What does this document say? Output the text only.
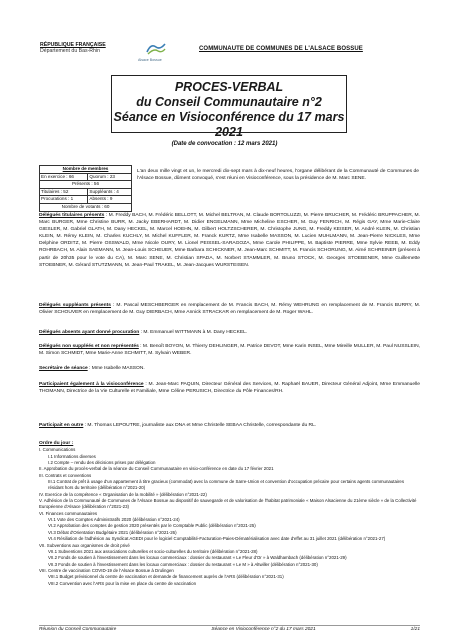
RÉPUBLIQUE FRANÇAISE
Département du Bas-Rhin
Alsace Bossue
COMMUNAUTE DE COMMUNES DE L'ALSACE BOSSUE
PROCES-VERBAL
du Conseil Communautaire n°2
Séance en Visioconférence du 17 mars 2021
(Date de convocation : 12 mars 2021)
Nombre de membres	
En exercice : 66	Quorum : 23
Présents : 56	
Titulaires : 52	Suppléants : 4
Procurations : 1	Absents : 9
Nombre de votants : 60	
L'an deux mille vingt et un, le mercredi dix-sept mars à dix-neuf heures, l'organe délibérant de la Communauté de Communes de l'Alsace Bossue, dûment convoqué, s'est réuni en Visioconférence, sous la présidence de M. Marc SENE.
Délégués titulaires présents : M. Freddy BACH, M. Frédéric BELLOTT, M. Michel BELTRAN, M. Claude BORTOLUZZI, M. Pierre BRUCHER, M. Frédéric BRUPPACHER, M. Marc BURGER, Mme Christine BURR, M. Jacky EBERHARDT, M. Didier ENGELMANN, Mme Micheline ESCHER, M. Guy FENRICH, M. Régis GAY, Mme Marie-Claire GIESLER, M. Gabriel GLATH, M. Dany HECKEL, M. Marcel HOEHN, M. Gilbert HOLTZSCHERER, M. Christophe JUNG, M. Freddy KEISER, M. André KLEIN, M. Christian KLEIN, M. Rémy KLEIN, M. Charles KUCHLY, M. Michel KUFFLER, M. Franck KURTZ, Mme Isabelle MASSON, M. Lucien MUHLMANN, M. Jean-Pierre NICKLES, Mme Delphine ORDITZ, M. Pierre OSSWALD, Mme Nicole OURY, M. Lionel PEISSEL-SARAGOZA, Mme Carole PHILIPPE, M. Baptiste PIERRE, Mme Sylvie REEB, M. Eddy ROHRBACH, M. Alain SAEMANN, M. Jean-Louis SCHEUER, Mme Barbara SCHICKNER, M. Jean-Marc SCHMITT, M. Francis SCHORUNG, M. Aimé SCHREINER (présent à partir de 20h35 pour le vote du CA), M. Marc SENE, M. Christian SPADA, M. Norbert STAMMLER, M. Bruno STOCK, M. Georges STOEBENER, Mme Guillemette STOEBNER, M. Gérard STUTZMANN, M. Jean-Paul TRAKEL, M. Jean-Jacques WURSTEISEN.
Délégués suppléants présents : M. Pascal MESCHBERGER en remplacement de M. Francis BACH, M. Rémy WEHRUNG en remplacement de M. Francis BURRY, M. Olivier SCHOUVER en remplacement de M. Guy DIERBACH, Mme Annick STRACKAR en remplacement de M. Roger WAHL.
Délégués absents ayant donné procuration : M. Emmanuel WITTMANN à M. Dany HECKEL.
Délégués non suppléés et non représentés : M. Benoît BOYON, M. Thierry DEHLINGER, M. Patrice DEVOT, Mme Karin INSEL, Mme Mireille MULLER, M. Paul NUSSLEIN, M. Simon SCHMIDT, Mme Marie-Anne SCHMITT, M. Sylvain WEBER.
Secrétaire de séance : Mme Isabelle MASSON.
Participaient également à la visioconférence : M. Jean-Marc PAQUIN, Directeur Général des Services, M. Raphaël BAUER, Directeur Général Adjoint, Mme Emmanuelle THOMANN, Directrice de la Vie Culturelle et Familiale, Mme Céline PERUSICH, Directrice du Pôle Finances/RH.
Participait en outre : M. Thomas LEPOUTRE, journaliste aux DNA et Mme Christelle SEBAA Christelle, correspondante du RL.
Ordre du jour :
I. Communications
I.1 Informations diverses
I.2 Compte – rendu des décisions prises par délégation
II. Approbation du procès-verbal de la séance du Conseil Communautaire en visio-conférence en date du 17 février 2021
III. Contrats et conventions
III.1 Contrat de prêt à usage d'un appartement à titre gracieux (commodat) avec la commune de Sarre-Union et convention d'occupation précaire pour certains agents communautaires résidant hors du territoire (délibération n°2021-20)
IV. Exercice de la compétence « Organisation de la mobilité » (délibération n°2021-22)
V. Adhésion de la Communauté de Communes de l'Alsace Bossue au dispositif de sauvegarde et de valorisation de l'habitat patrimoniale « Maison Alsacienne du 21ème siècle » de la Collectivité Européenne d'Alsace (délibération n°2021-23)
VI. Finances communautaires
VI.1 Vote des Comptes Administratifs 2020 (délibération n°2021-24)
VI.2 Approbation des comptes de gestion 2020 présentés par le Comptable Public (délibération n°2021-25)
VI.3 Débat d'Orientation Budgétaire 2021 (délibération n°2021-26)
VI.4 Résiliation de l'adhésion au Syndicat AGEDI pour le logiciel Comptabilité-Facturation-Paies-Dématérialisation avec date d'effet au 31 juillet 2021 (délibération n°2021-27)
VII. Subventions aux organismes de droit privé
VII.1 Subventions 2021 aux associations culturelles et socio-culturelles du territoire (délibération n°2021-28)
VII.2 Fonds de soutien à l'investissement dans les locaux commerciaux : dossier du restaurant « Le Fleur d'Or » à Waldhambach (délibération n°2021-29)
VII.3 Fonds de soutien à l'investissement dans les locaux commerciaux : dossier du restaurant « Le M » à Altwiller (délibération n°2021-30)
VIII. Centre de vaccination COVID-19 de l'Alsace Bossue à Drulingen
VIII.1 Budget prévisionnel du centre de vaccination et demande de financement auprès de l'ARS (délibération n°2021-31)
VIII.2 Convention avec l'ARS pour la mise en place du centre de vaccination
Réunion du Conseil Communautaire	Séance en Visioconférence n°2 du 17 mars 2021	1/21
